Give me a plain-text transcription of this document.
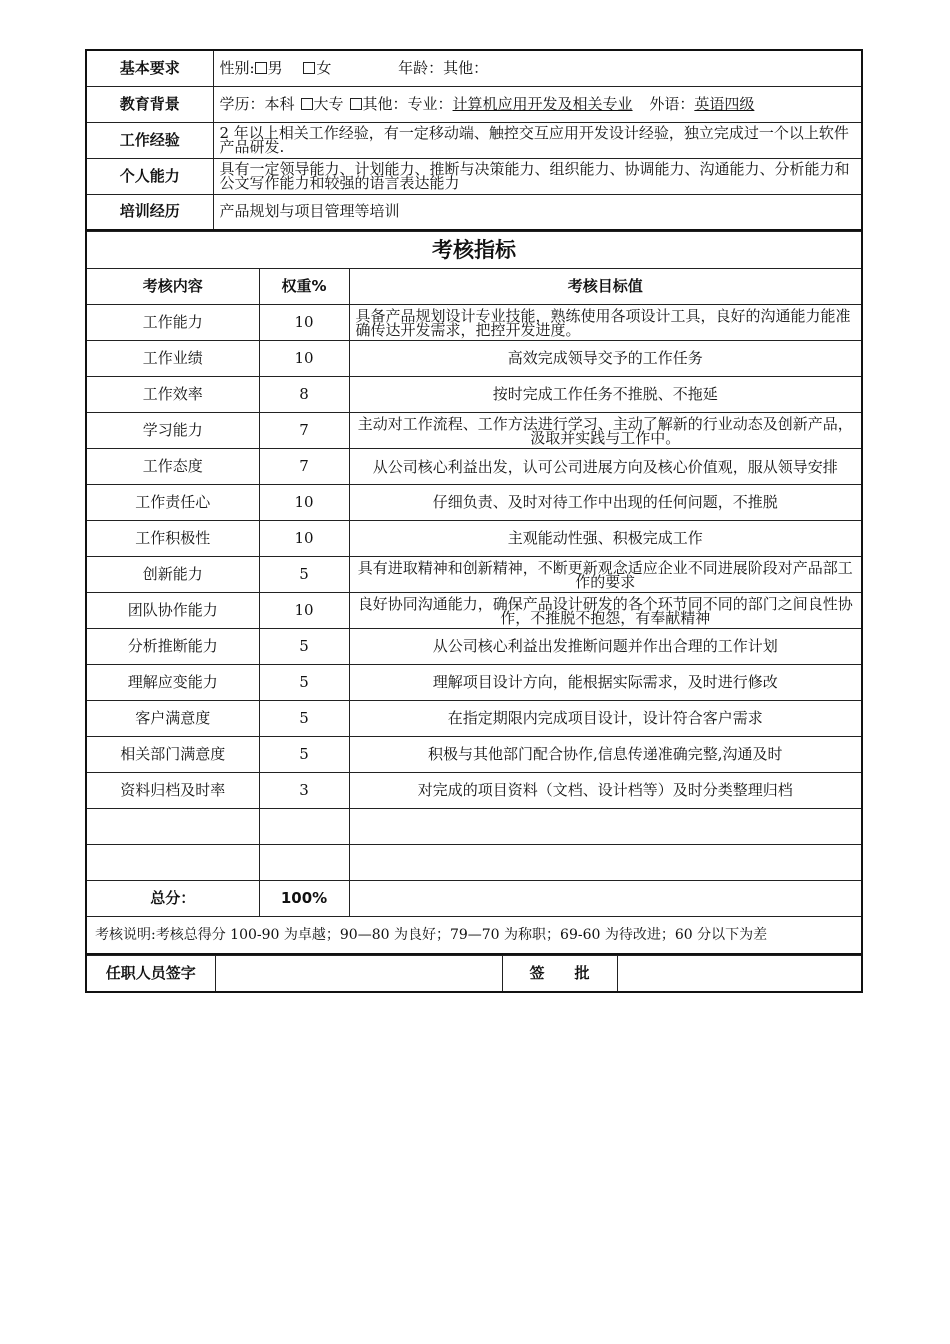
基本要求	性别: 男 女 年龄：其他：
教育背景	学历：本科 大专 其他：专业：计算机应用开发及相关专业 外语：英语四级
工作经验	2 年以上相关工作经验，有一定移动端、触控交互应用开发设计经验，独立完成过一个以上软件产品研发.
个人能力	具有一定领导能力、计划能力、推断与决策能力、组织能力、协调能力、沟通能力、分析能力和公文写作能力和较强的语言表达能力
培训经历	产品规划与项目管理等培训
考核指标		
考核内容	权重%	考核目标值
工作能力	10	具备产品规划设计专业技能，熟练使用各项设计工具，良好的沟通能力能准确传达开发需求，把控开发进度。
工作业绩	10	高效完成领导交予的工作任务
工作效率	8	按时完成工作任务不推脱、不拖延
学习能力	7	主动对工作流程、工作方法进行学习、主动了解新的行业动态及创新产品，汲取并实践与工作中。
工作态度	7	从公司核心利益出发，认可公司进展方向及核心价值观，服从领导安排
工作责任心	10	仔细负责、及时对待工作中出现的任何问题，不推脱
工作积极性	10	主观能动性强、积极完成工作
创新能力	5	具有进取精神和创新精神，不断更新观念适应企业不同进展阶段对产品部工作的要求
团队协作能力	10	良好协同沟通能力，确保产品设计研发的各个环节同不同的部门之间良性协作，不推脱不抱怨，有奉献精神
分析推断能力	5	从公司核心利益出发推断问题并作出合理的工作计划
理解应变能力	5	理解项目设计方向，能根据实际需求，及时进行修改
客户满意度	5	在指定期限内完成项目设计，设计符合客户需求
相关部门满意度	5	积极与其他部门配合协作,信息传递准确完整,沟通及时
资料归档及时率	3	对完成的项目资料（文档、设计档等）及时分类整理归档

总分：	100%	
考核说明:考核总得分 100-90 为卓越；90—80 为良好；79—70 为称职；69-60 为待改进；60 分以下为差		
任职人员签字		签　　批	
